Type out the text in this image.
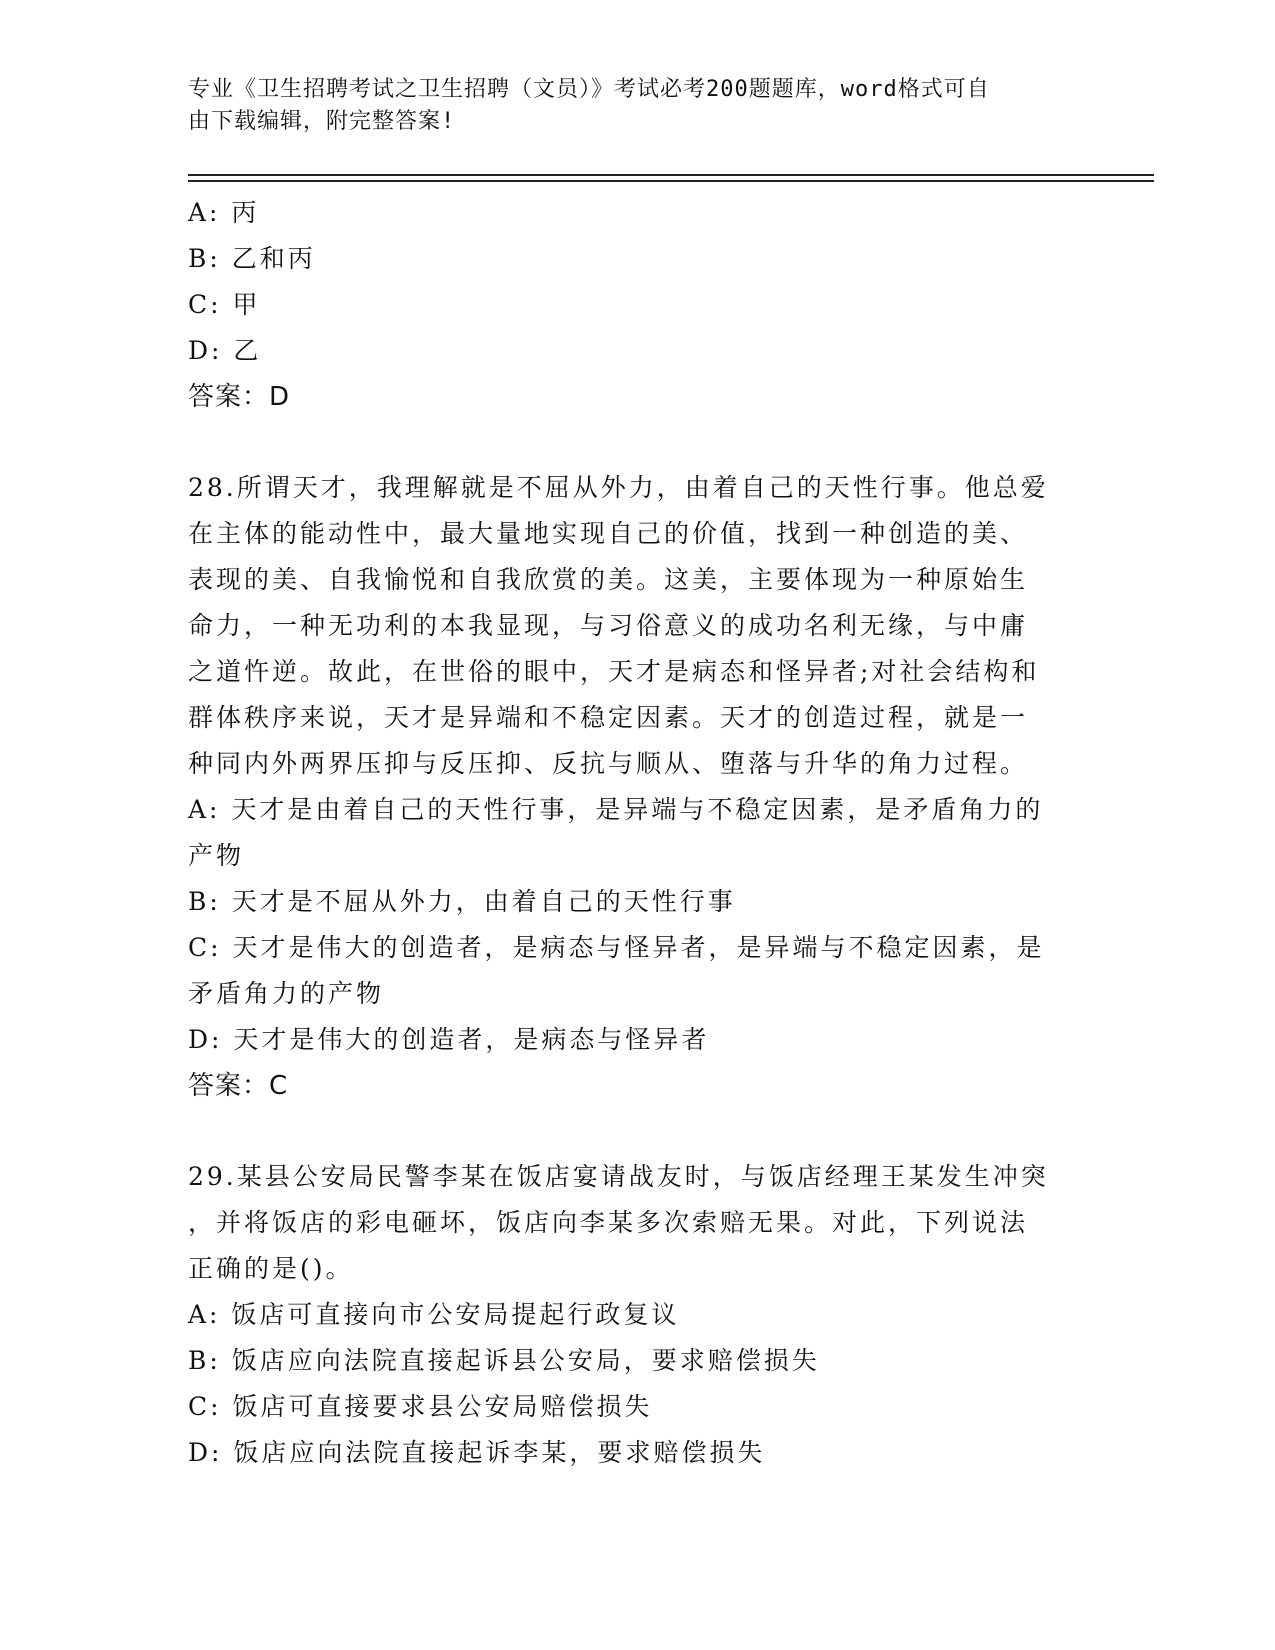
专业《卫生招聘考试之卫生招聘（文员）》考试必考200题题库，word格式可自
由下载编辑，附完整答案!
A: 丙
B: 乙和丙
C: 甲
D: 乙
答案：D
28.所谓天才，我理解就是不屈从外力，由着自己的天性行事。他总爱
在主体的能动性中，最大量地实现自己的价值，找到一种创造的美、
表现的美、自我愉悦和自我欣赏的美。这美，主要体现为一种原始生
命力，一种无功利的本我显现，与习俗意义的成功名利无缘，与中庸
之道忤逆。故此，在世俗的眼中，天才是病态和怪异者;对社会结构和
群体秩序来说，天才是异端和不稳定因素。天才的创造过程，就是一
种同内外两界压抑与反压抑、反抗与顺从、堕落与升华的角力过程。
A: 天才是由着自己的天性行事，是异端与不稳定因素，是矛盾角力的
产物
B: 天才是不屈从外力，由着自己的天性行事
C: 天才是伟大的创造者，是病态与怪异者，是异端与不稳定因素，是
矛盾角力的产物
D: 天才是伟大的创造者，是病态与怪异者
答案：C
29.某县公安局民警李某在饭店宴请战友时，与饭店经理王某发生冲突
，并将饭店的彩电砸坏，饭店向李某多次索赔无果。对此，下列说法
正确的是()。
A: 饭店可直接向市公安局提起行政复议
B: 饭店应向法院直接起诉县公安局，要求赔偿损失
C: 饭店可直接要求县公安局赔偿损失
D: 饭店应向法院直接起诉李某，要求赔偿损失
